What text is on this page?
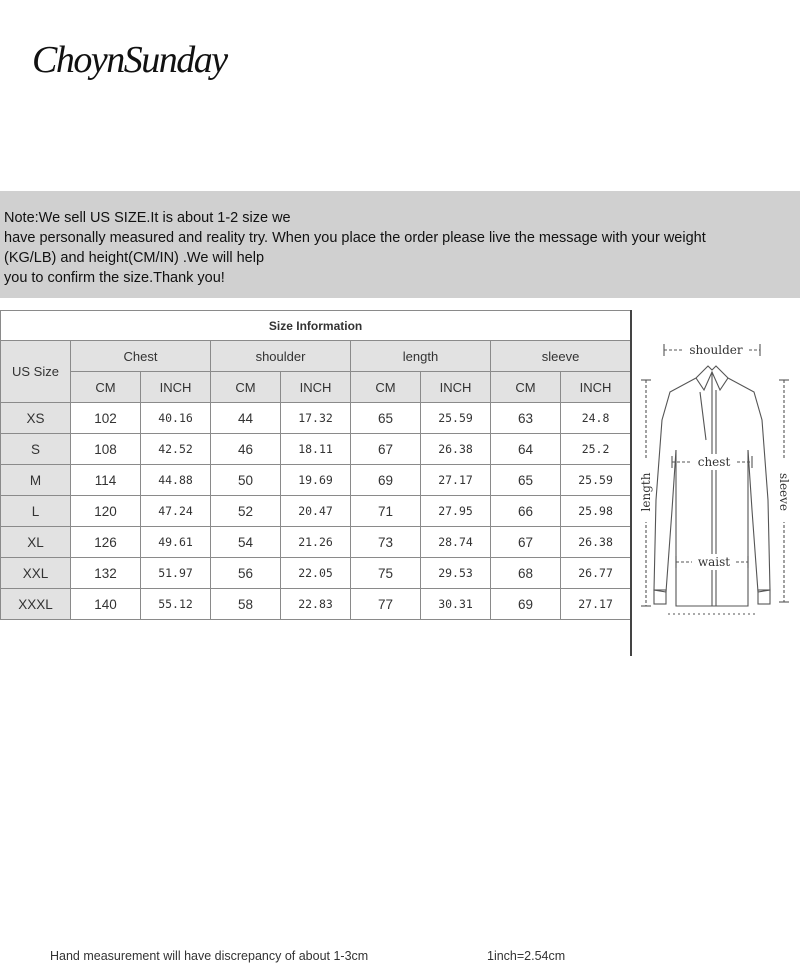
ChoynSunday
Note:We sell US SIZE.It is about 1-2 size we
have personally measured and reality try. When you place the order please live the message with your weight
(KG/LB) and height(CM/IN) .We will help
you to confirm the size.Thank you!
Size Information								
US Size	Chest		shoulder		length		sleeve	
	CM	INCH	CM	INCH	CM	INCH	CM	INCH
XS	102	40.16	44	17.32	65	25.59	63	24.8
S	108	42.52	46	18.11	67	26.38	64	25.2
M	114	44.88	50	19.69	69	27.17	65	25.59
L	120	47.24	52	20.47	71	27.95	66	25.98
XL	126	49.61	54	21.26	73	28.74	67	26.38
XXL	132	51.97	56	22.05	75	29.53	68	26.77
XXXL	140	55.12	58	22.83	77	30.31	69	27.17
Hand measurement will have discrepancy of about 1-3cm	1inch=2.54cm
shoulder
chest
waist
length	sleeve
